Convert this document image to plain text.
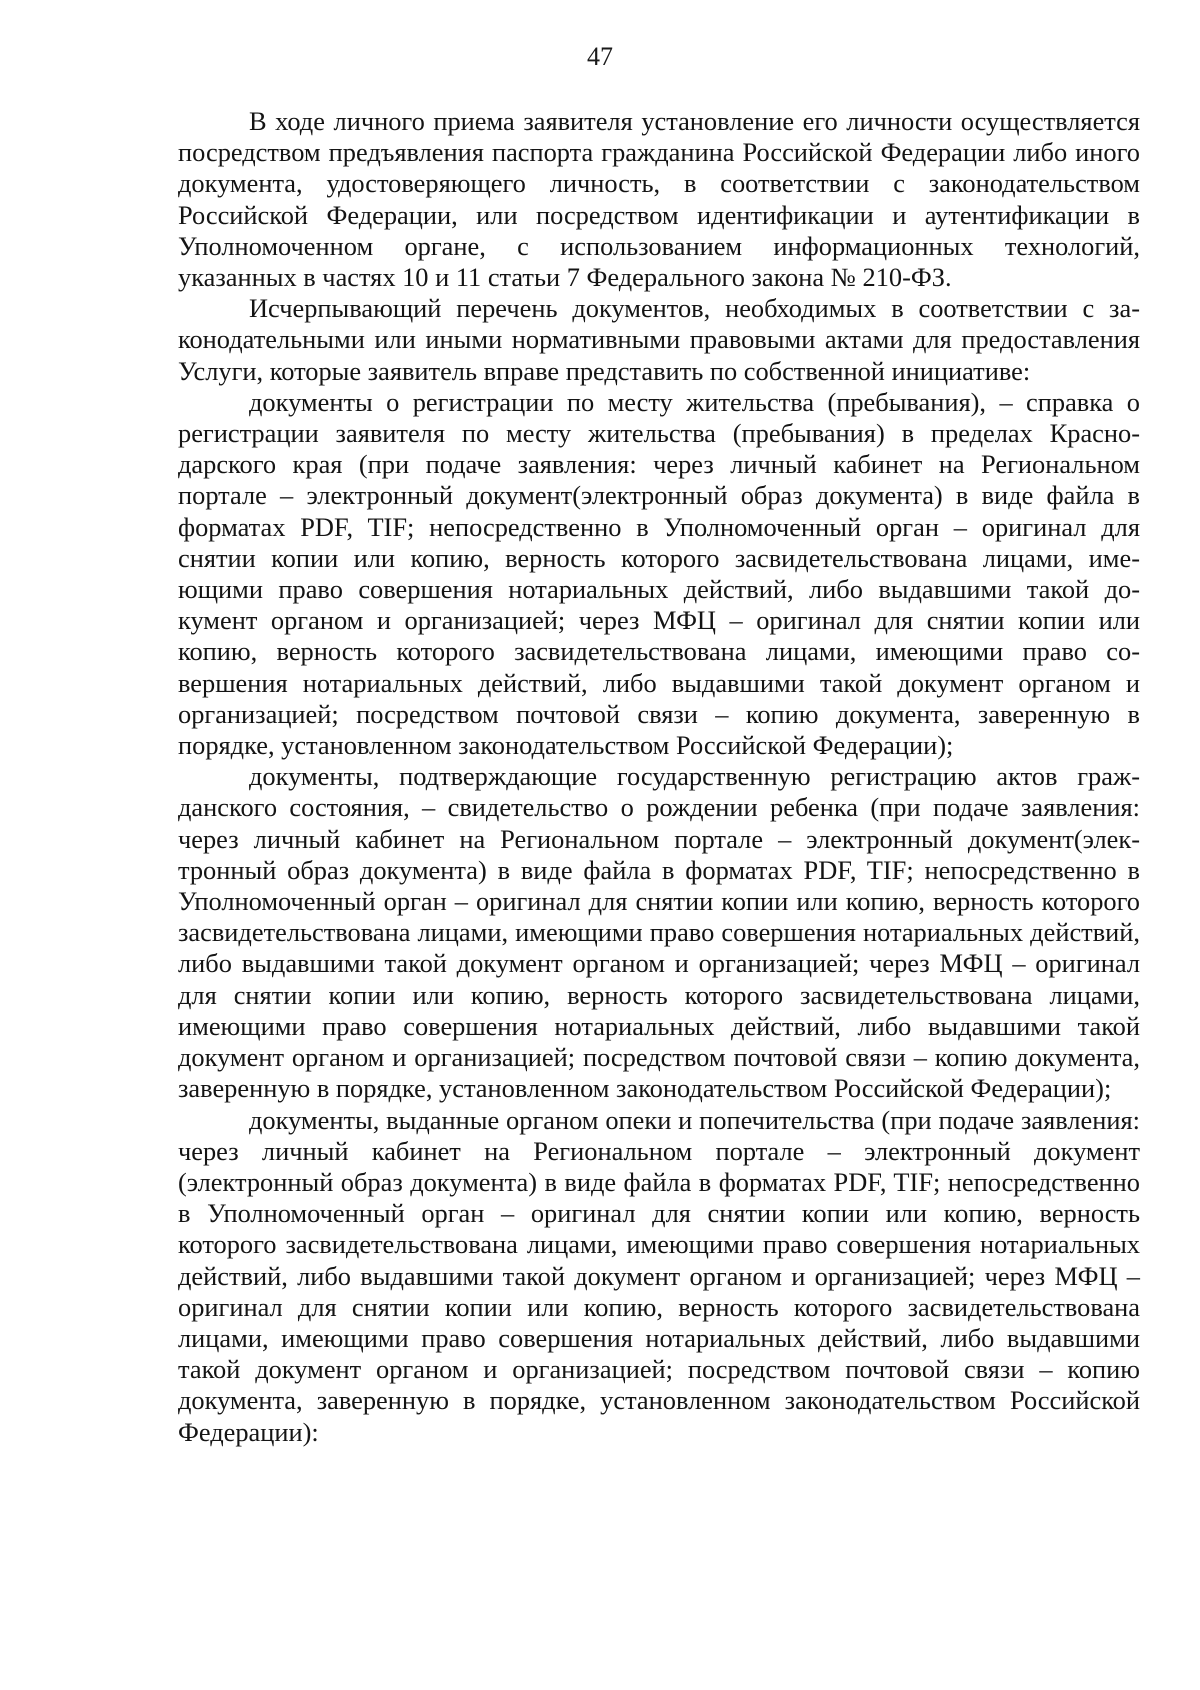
47

В ходе личного приема заявителя установление его личности осуществляется посредством предъявления паспорта гражданина Российской Федерации либо иного документа, удостоверяющего личность, в соответствии с законодательством Российской Федерации, или посредством идентификации и аутентификации в Уполномоченном органе, с использованием информационных технологий, указанных в частях 10 и 11 статьи 7 Федерального закона № 210-ФЗ.

Исчерпывающий перечень документов, необходимых в соответствии с законодательными или иными нормативными правовыми актами для предоставления Услуги, которые заявитель вправе представить по собственной инициативе:

документы о регистрации по месту жительства (пребывания), – справка о регистрации заявителя по месту жительства (пребывания) в пределах Краснодарского края (при подаче заявления: через личный кабинет на Региональном портале – электронный документ(электронный образ документа) в виде файла в форматах PDF, TIF; непосредственно в Уполномоченный орган – оригинал для снятии копии или копию, верность которого засвидетельствована лицами, имеющими право совершения нотариальных действий, либо выдавшими такой документ органом и организацией; через МФЦ – оригинал для снятии копии или копию, верность которого засвидетельствована лицами, имеющими право совершения нотариальных действий, либо выдавшими такой документ органом и организацией; посредством почтовой связи – копию документа, заверенную в порядке, установленном законодательством Российской Федерации);

документы, подтверждающие государственную регистрацию актов гражданского состояния, – свидетельство о рождении ребенка (при подаче заявления: через личный кабинет на Региональном портале – электронный документ(электронный образ документа) в виде файла в форматах PDF, TIF; непосредственно в Уполномоченный орган – оригинал для снятии копии или копию, верность которого засвидетельствована лицами, имеющими право совершения нотариальных действий, либо выдавшими такой документ органом и организацией; через МФЦ – оригинал для снятии копии или копию, верность которого засвидетельствована лицами, имеющими право совершения нотариальных действий, либо выдавшими такой документ органом и организацией; посредством почтовой связи – копию документа, заверенную в порядке, установленном законодательством Российской Федерации);

документы, выданные органом опеки и попечительства (при подаче заявления: через личный кабинет на Региональном портале – электронный документ (электронный образ документа) в виде файла в форматах PDF, TIF; непосредственно в Уполномоченный орган – оригинал для снятии копии или копию, верность которого засвидетельствована лицами, имеющими право совершения нотариальных действий, либо выдавшими такой документ органом и организацией; через МФЦ – оригинал для снятии копии или копию, верность которого засвидетельствована лицами, имеющими право совершения нотариальных действий, либо выдавшими такой документ органом и организацией; посредством почтовой связи – копию документа, заверенную в порядке, установленном законодательством Российской Федерации):
